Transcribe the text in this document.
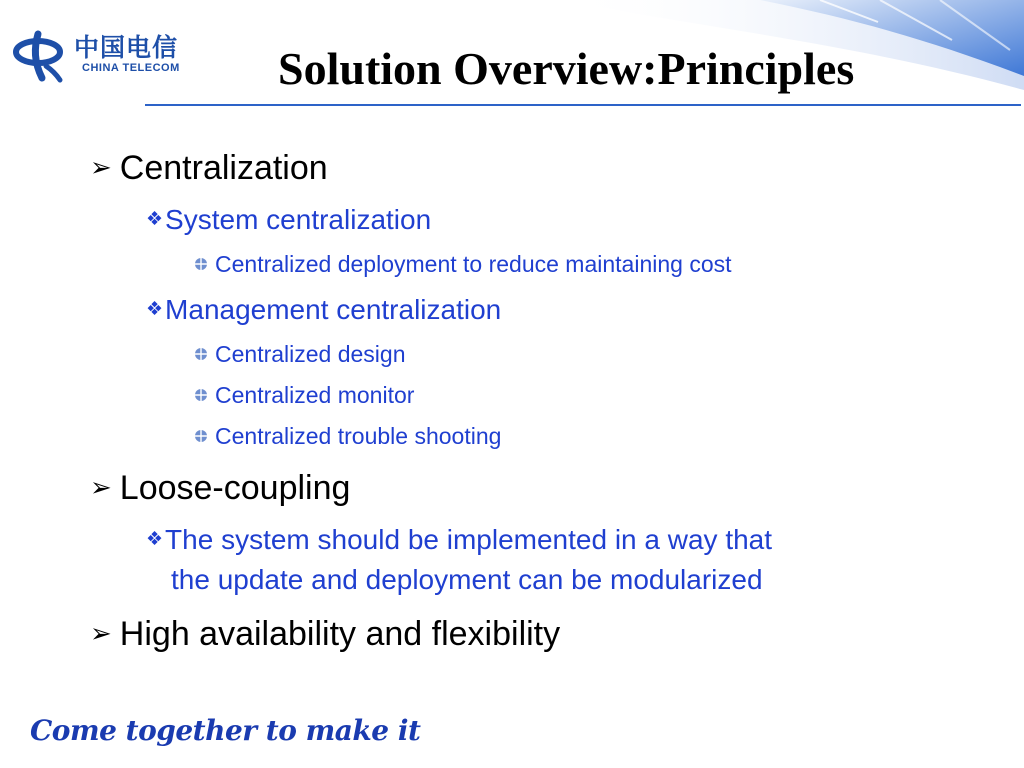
中国电信
CHINA TELECOM Solution Overview:Principles
➢ Centralization
❖System centralization
Centralized deployment to reduce maintaining cost
❖Management centralization
Centralized design
Centralized monitor
Centralized trouble shooting
➢ Loose-coupling
❖The system should be implemented in a way that
the update and deployment can be modularized
➢ High availability and flexibility
Come together to make it
